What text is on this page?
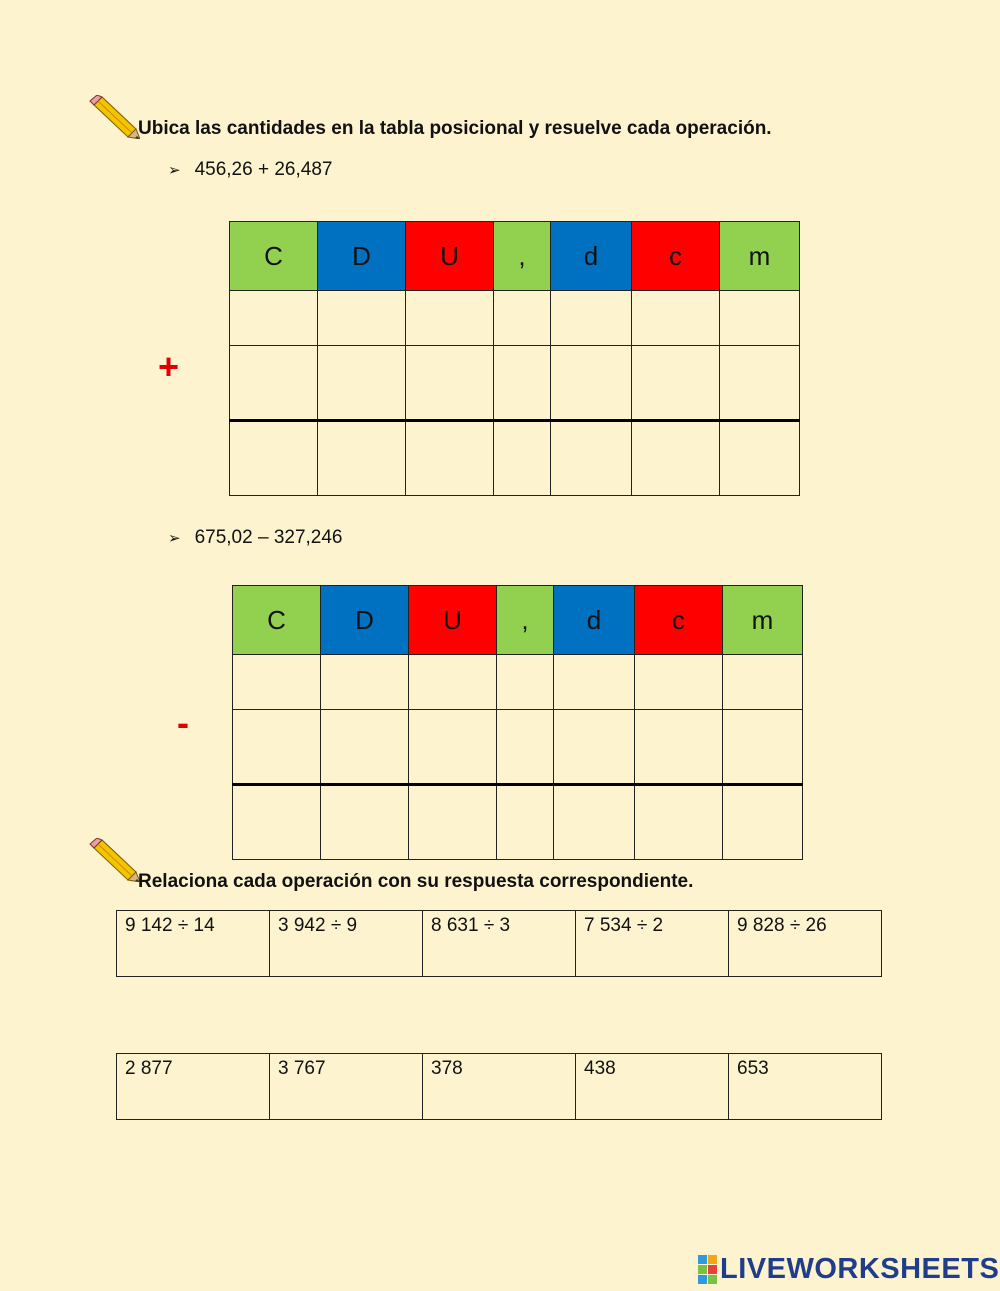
Ubica las cantidades en la tabla posicional y resuelve cada operación.
➢ 456,26 + 26,487
C	D	U	,	d	c	m

+
➢ 675,02 – 327,246
C	D	U	,	d	c	m

-
Relaciona cada operación con su respuesta correspondiente.
9 142 ÷ 14	3 942 ÷ 9	8 631 ÷ 3	7 534 ÷ 2	9 828 ÷ 26
2 877	3 767	378	438	653
LIVEWORKSHEETS
